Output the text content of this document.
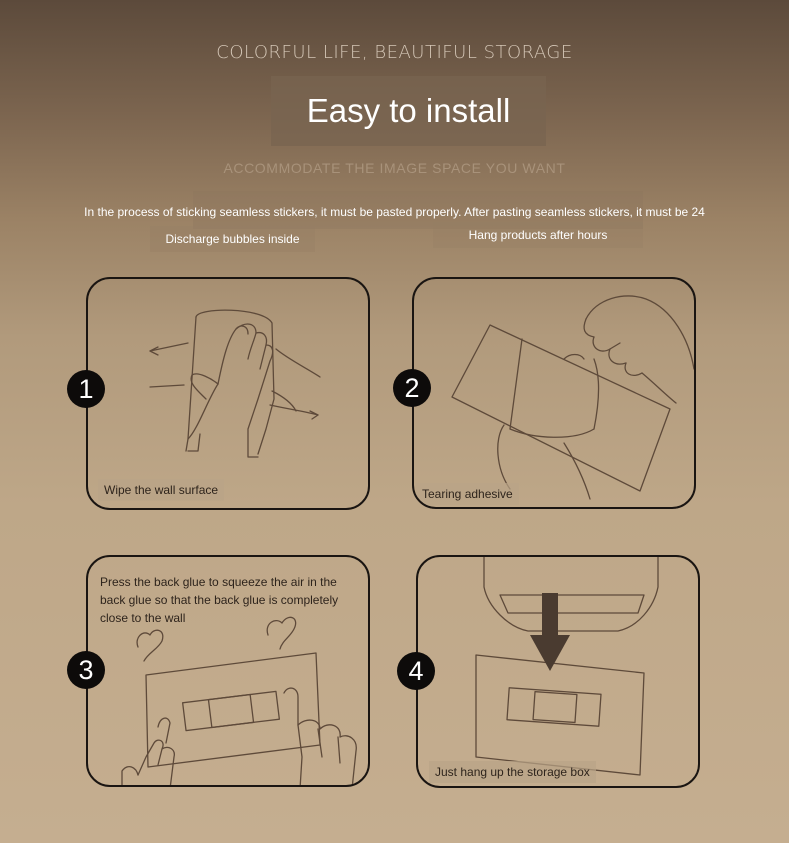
COLORFUL LIFE, BEAUTIFUL STORAGE
Easy to install
ACCOMMODATE THE IMAGE SPACE YOU WANT
In the process of sticking seamless stickers, it must be pasted properly. After pasting seamless stickers, it must be 24
Discharge bubbles inside	Hang products after hours
Wipe the wall surface
1
Tearing adhesive
2
Press the back glue to squeeze the air in the back glue so that the back glue is completely close to the wall
3
Just hang up the storage box
4
